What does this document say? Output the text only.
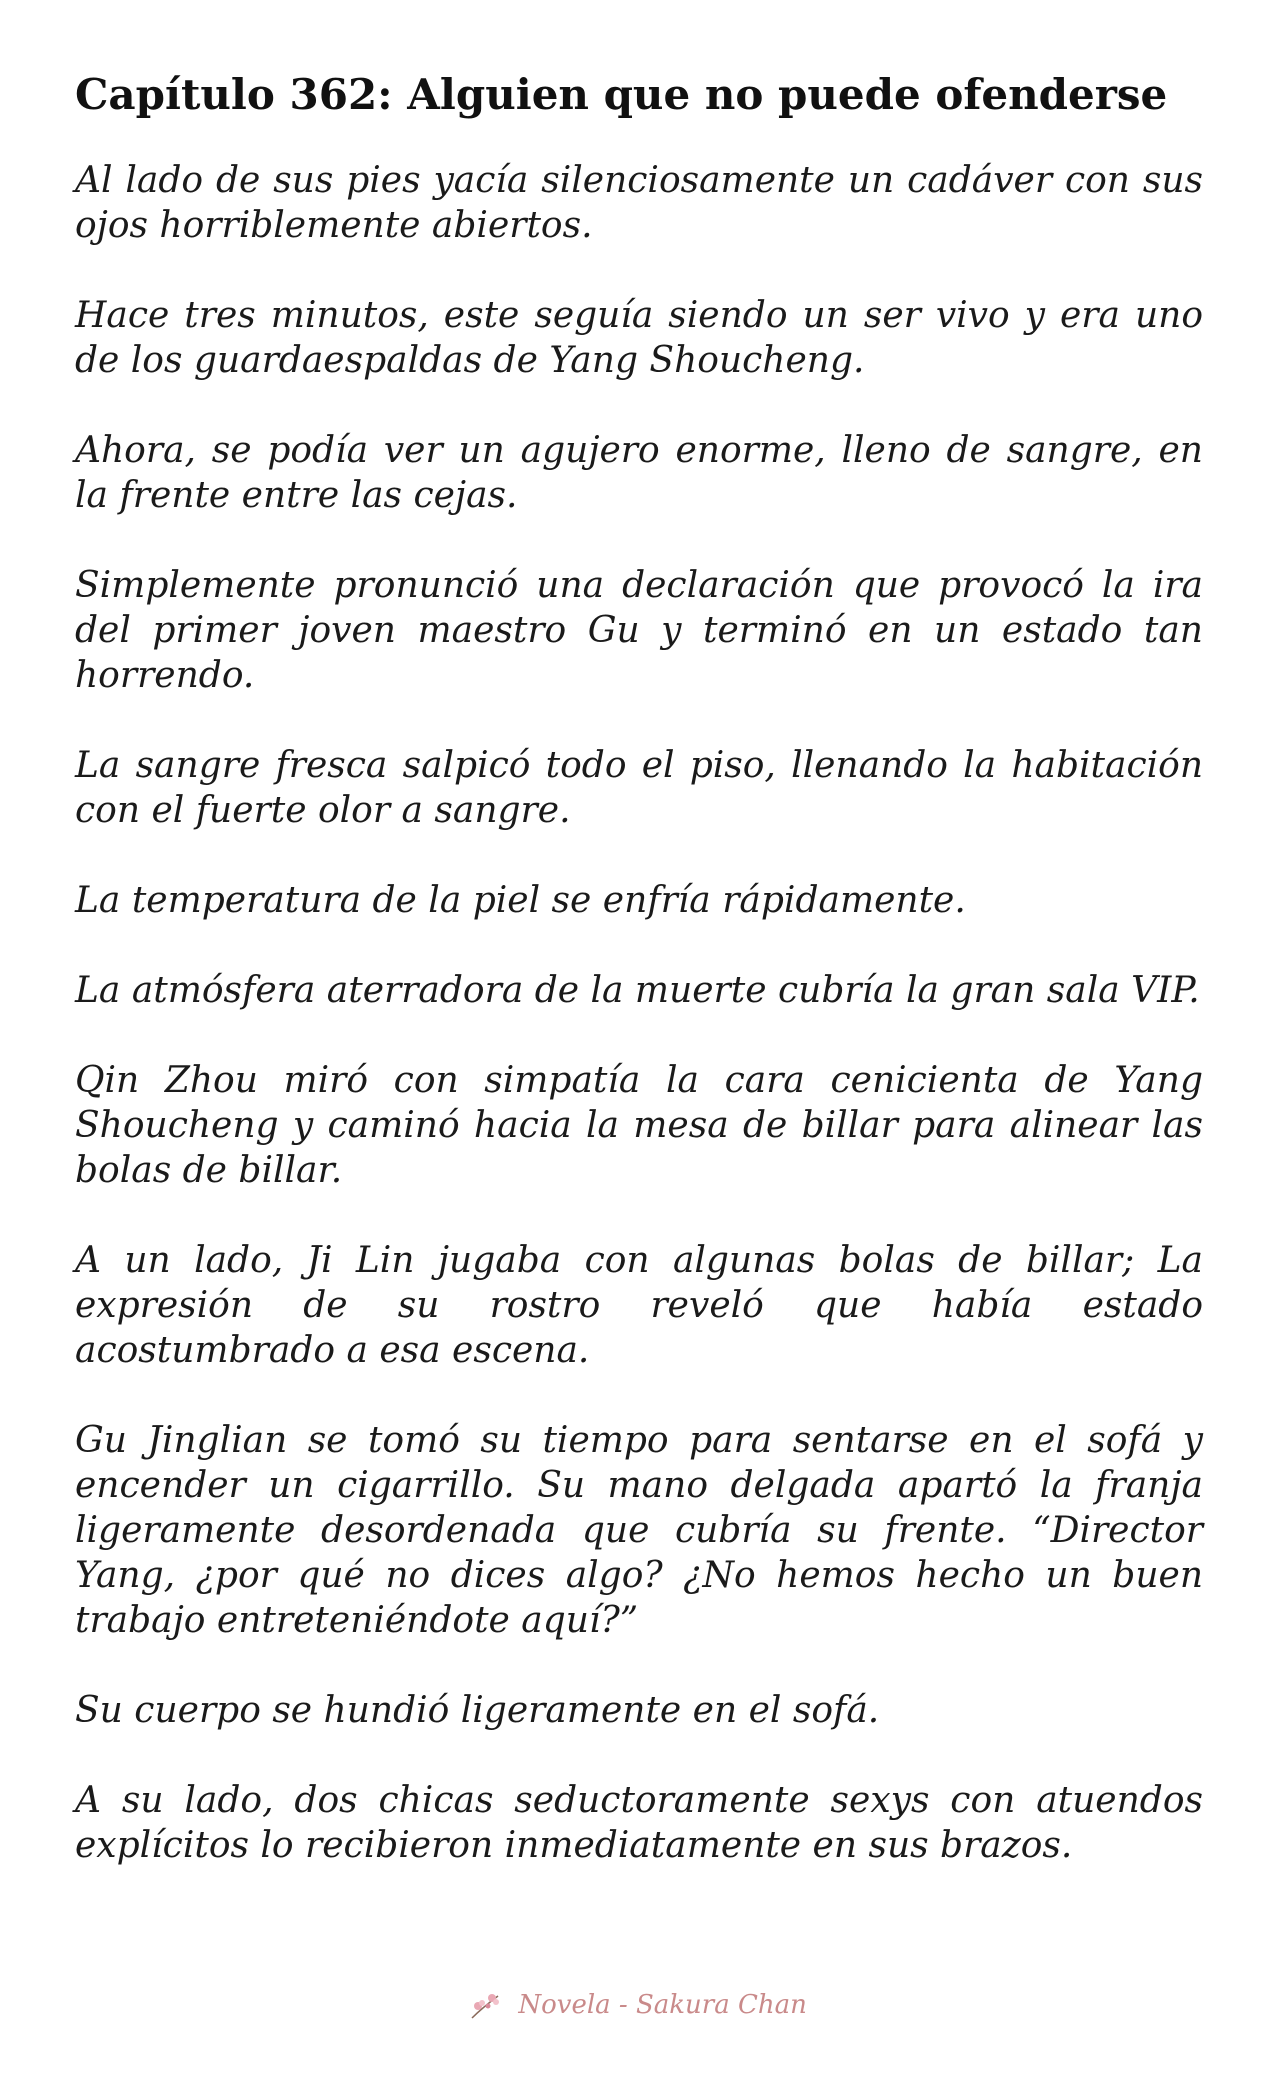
Capítulo 362: Alguien que no puede ofenderse

Al lado de sus pies yacía silenciosamente un cadáver con sus ojos horriblemente abiertos.

Hace tres minutos, este seguía siendo un ser vivo y era uno de los guardaespaldas de Yang Shoucheng.

Ahora, se podía ver un agujero enorme, lleno de sangre, en la frente entre las cejas.

Simplemente pronunció una declaración que provocó la ira del primer joven maestro Gu y terminó en un estado tan horrendo.

La sangre fresca salpicó todo el piso, llenando la habitación con el fuerte olor a sangre.

La temperatura de la piel se enfría rápidamente.

La atmósfera aterradora de la muerte cubría la gran sala VIP.

Qin Zhou miró con simpatía la cara cenicienta de Yang Shoucheng y caminó hacia la mesa de billar para alinear las bolas de billar.

A un lado, Ji Lin jugaba con algunas bolas de billar; La expresión de su rostro reveló que había estado acostumbrado a esa escena.

Gu Jinglian se tomó su tiempo para sentarse en el sofá y encender un cigarrillo. Su mano delgada apartó la franja ligeramente desordenada que cubría su frente. “Director Yang, ¿por qué no dices algo? ¿No hemos hecho un buen trabajo entreteniéndote aquí?”

Su cuerpo se hundió ligeramente en el sofá.

A su lado, dos chicas seductoramente sexys con atuendos explícitos lo recibieron inmediatamente en sus brazos.

Novela - Sakura Chan
